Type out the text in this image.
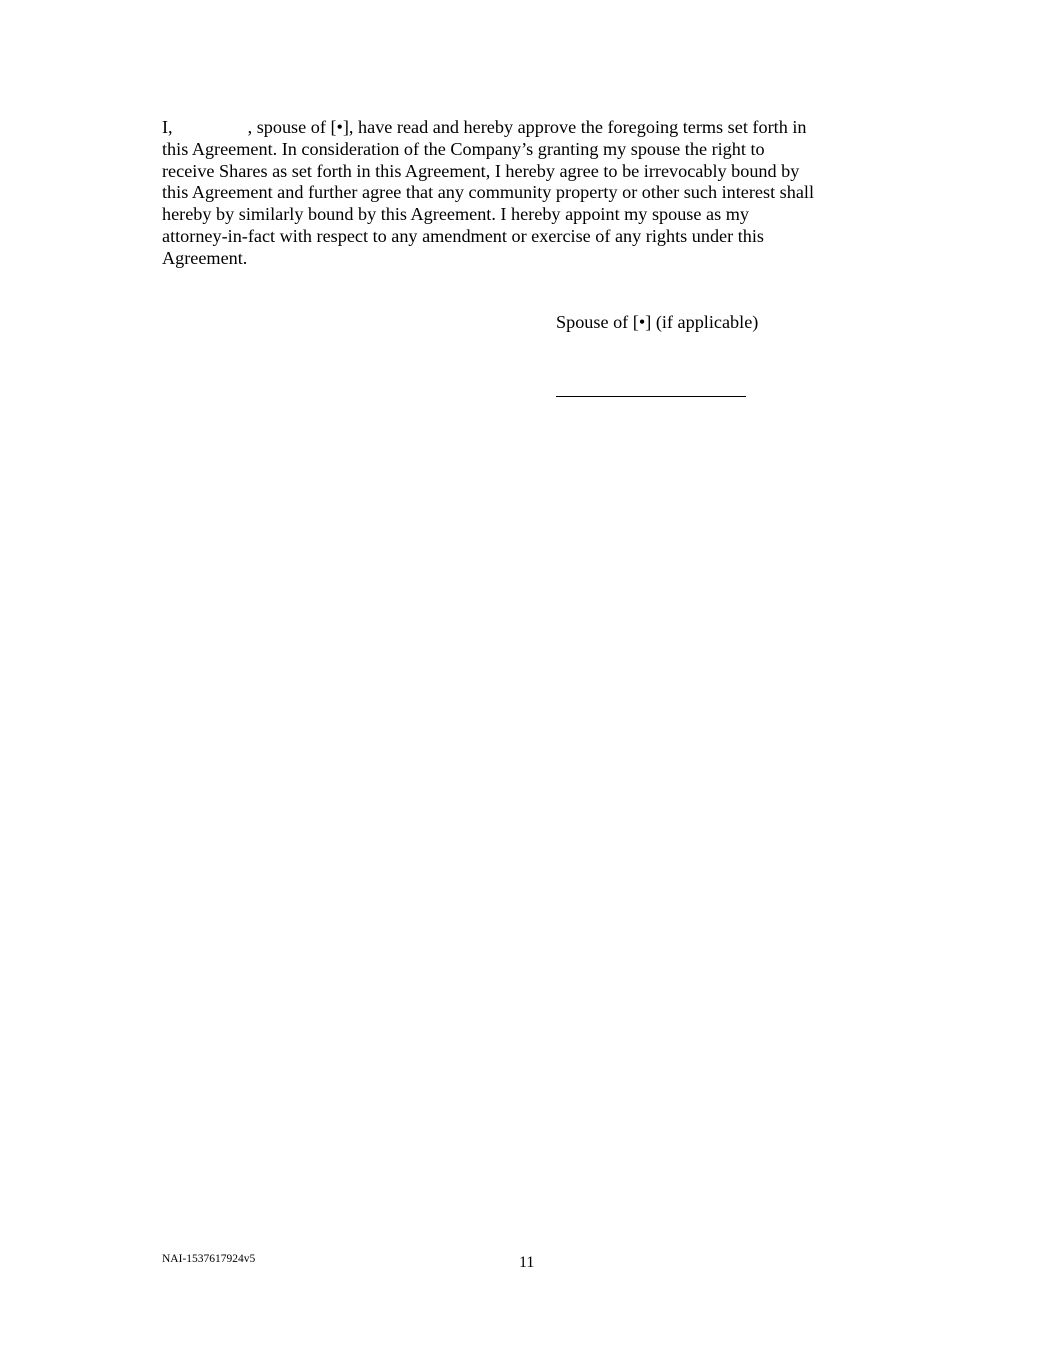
I,	, spouse of [•], have read and hereby approve the foregoing terms set forth in
this Agreement. In consideration of the Company’s granting my spouse the right to
receive Shares as set forth in this Agreement, I hereby agree to be irrevocably bound by
this Agreement and further agree that any community property or other such interest shall
hereby by similarly bound by this Agreement. I hereby appoint my spouse as my
attorney-in-fact with respect to any amendment or exercise of any rights under this
Agreement.

Spouse of [•] (if applicable)

NAI-1537617924v5	11
